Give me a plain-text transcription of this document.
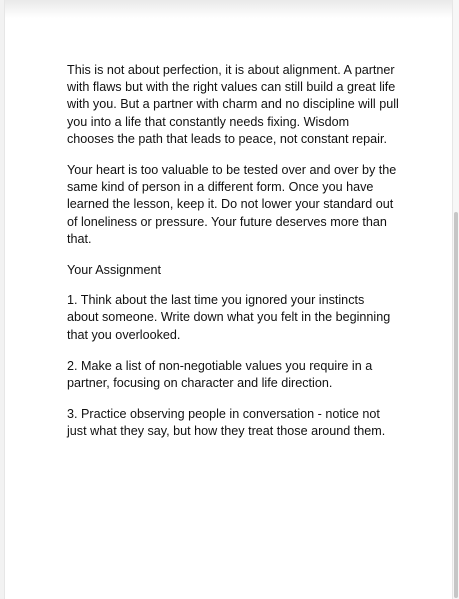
This is not about perfection, it is about alignment. A partner with flaws but with the right values can still build a great life with you. But a partner with charm and no discipline will pull you into a life that constantly needs fixing. Wisdom chooses the path that leads to peace, not constant repair.

Your heart is too valuable to be tested over and over by the same kind of person in a different form. Once you have learned the lesson, keep it. Do not lower your standard out of loneliness or pressure. Your future deserves more than that.

Your Assignment

1. Think about the last time you ignored your instincts about someone. Write down what you felt in the beginning that you overlooked.

2. Make a list of non-negotiable values you require in a partner, focusing on character and life direction.

3. Practice observing people in conversation - notice not just what they say, but how they treat those around them.
